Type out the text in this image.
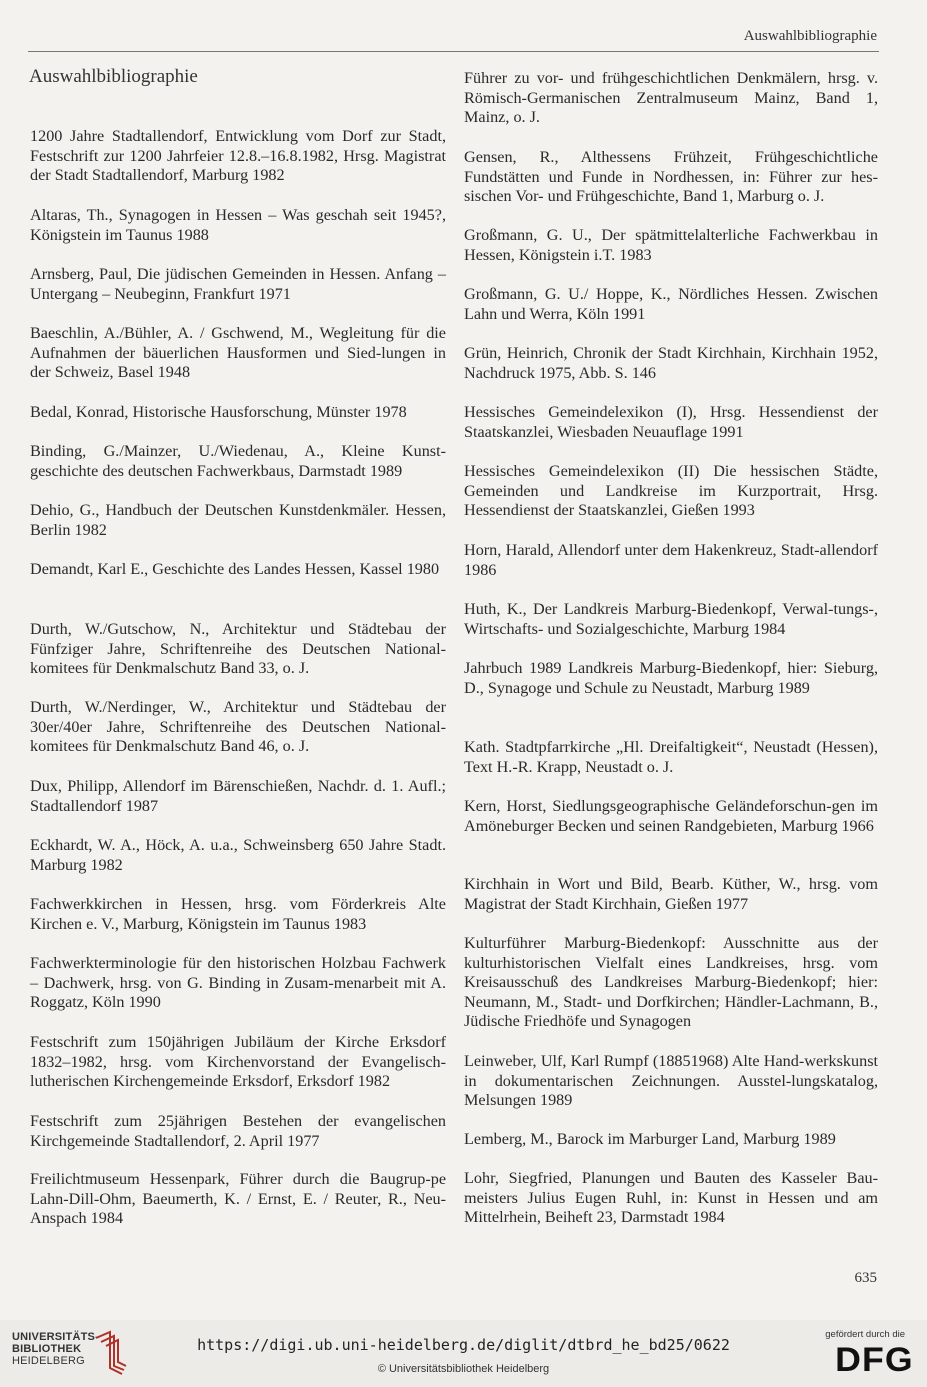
Auswahlbibliographie
Auswahlbibliographie

1200 Jahre Stadtallendorf, Entwicklung vom Dorf zur Stadt, Festschrift zur 1200 Jahrfeier 12.8.–16.8.1982, Hrsg. Magistrat der Stadt Stadtallendorf, Marburg 1982

Altaras, Th., Synagogen in Hessen – Was geschah seit 1945?, Königstein im Taunus 1988

Arnsberg, Paul, Die jüdischen Gemeinden in Hessen. Anfang – Untergang – Neubeginn, Frankfurt 1971

Baeschlin, A./Bühler, A. / Gschwend, M., Wegleitung für die Aufnahmen der bäuerlichen Hausformen und Sied-lungen in der Schweiz, Basel 1948

Bedal, Konrad, Historische Hausforschung, Münster 1978

Binding, G./Mainzer, U./Wiedenau, A., Kleine Kunst-geschichte des deutschen Fachwerkbaus, Darmstadt 1989

Dehio, G., Handbuch der Deutschen Kunstdenkmäler. Hessen, Berlin 1982

Demandt, Karl E., Geschichte des Landes Hessen, Kassel 1980

Durth, W./Gutschow, N., Architektur und Städtebau der Fünfziger Jahre, Schriftenreihe des Deutschen National-komitees für Denkmalschutz Band 33, o. J.

Durth, W./Nerdinger, W., Architektur und Städtebau der 30er/40er Jahre, Schriftenreihe des Deutschen National-komitees für Denkmalschutz Band 46, o. J.

Dux, Philipp, Allendorf im Bärenschießen, Nachdr. d. 1. Aufl.; Stadtallendorf 1987

Eckhardt, W. A., Höck, A. u.a., Schweinsberg 650 Jahre Stadt. Marburg 1982

Fachwerkkirchen in Hessen, hrsg. vom Förderkreis Alte Kirchen e. V., Marburg, Königstein im Taunus 1983

Fachwerkterminologie für den historischen Holzbau Fachwerk – Dachwerk, hrsg. von G. Binding in Zusam-menarbeit mit A. Roggatz, Köln 1990

Festschrift zum 150jährigen Jubiläum der Kirche Erksdorf 1832–1982, hrsg. vom Kirchenvorstand der Evangelisch-lutherischen Kirchengemeinde Erksdorf, Erksdorf 1982

Festschrift zum 25jährigen Bestehen der evangelischen Kirchgemeinde Stadtallendorf, 2. April 1977

Freilichtmuseum Hessenpark, Führer durch die Baugrup-pe Lahn-Dill-Ohm, Baeumerth, K. / Ernst, E. / Reuter, R., Neu-Anspach 1984

Führer zu vor- und frühgeschichtlichen Denkmälern, hrsg. v. Römisch-Germanischen Zentralmuseum Mainz, Band 1, Mainz, o. J.

Gensen, R., Althessens Frühzeit, Frühgeschichtliche Fundstätten und Funde in Nordhessen, in: Führer zur hes-sischen Vor- und Frühgeschichte, Band 1, Marburg o. J.

Großmann, G. U., Der spätmittelalterliche Fachwerkbau in Hessen, Königstein i.T. 1983

Großmann, G. U./ Hoppe, K., Nördliches Hessen. Zwischen Lahn und Werra, Köln 1991

Grün, Heinrich, Chronik der Stadt Kirchhain, Kirchhain 1952, Nachdruck 1975, Abb. S. 146

Hessisches Gemeindelexikon (I), Hrsg. Hessendienst der Staatskanzlei, Wiesbaden Neuauflage 1991

Hessisches Gemeindelexikon (II) Die hessischen Städte, Gemeinden und Landkreise im Kurzportrait, Hrsg. Hessendienst der Staatskanzlei, Gießen 1993

Horn, Harald, Allendorf unter dem Hakenkreuz, Stadt-allendorf 1986

Huth, K., Der Landkreis Marburg-Biedenkopf, Verwal-tungs-, Wirtschafts- und Sozialgeschichte, Marburg 1984

Jahrbuch 1989 Landkreis Marburg-Biedenkopf, hier: Sieburg, D., Synagoge und Schule zu Neustadt, Marburg 1989

Kath. Stadtpfarrkirche „Hl. Dreifaltigkeit“, Neustadt (Hessen), Text H.-R. Krapp, Neustadt o. J.

Kern, Horst, Siedlungsgeographische Geländeforschun-gen im Amöneburger Becken und seinen Randgebieten, Marburg 1966

Kirchhain in Wort und Bild, Bearb. Küther, W., hrsg. vom Magistrat der Stadt Kirchhain, Gießen 1977

Kulturführer Marburg-Biedenkopf: Ausschnitte aus der kulturhistorischen Vielfalt eines Landkreises, hrsg. vom Kreisausschuß des Landkreises Marburg-Biedenkopf; hier: Neumann, M., Stadt- und Dorfkirchen; Händler-Lachmann, B., Jüdische Friedhöfe und Synagogen

Leinweber, Ulf, Karl Rumpf (18851968) Alte Hand-werkskunst in dokumentarischen Zeichnungen. Ausstel-lungskatalog, Melsungen 1989

Lemberg, M., Barock im Marburger Land, Marburg 1989

Lohr, Siegfried, Planungen und Bauten des Kasseler Bau-meisters Julius Eugen Ruhl, in: Kunst in Hessen und am Mittelrhein, Beiheft 23, Darmstadt 1984

635
UNIVERSITÄTS-
BIBLIOTHEK
HEIDELBERG
https://digi.ub.uni-heidelberg.de/diglit/dtbrd_he_bd25/0622
© Universitätsbibliothek Heidelberg
gefördert durch die
DFG
